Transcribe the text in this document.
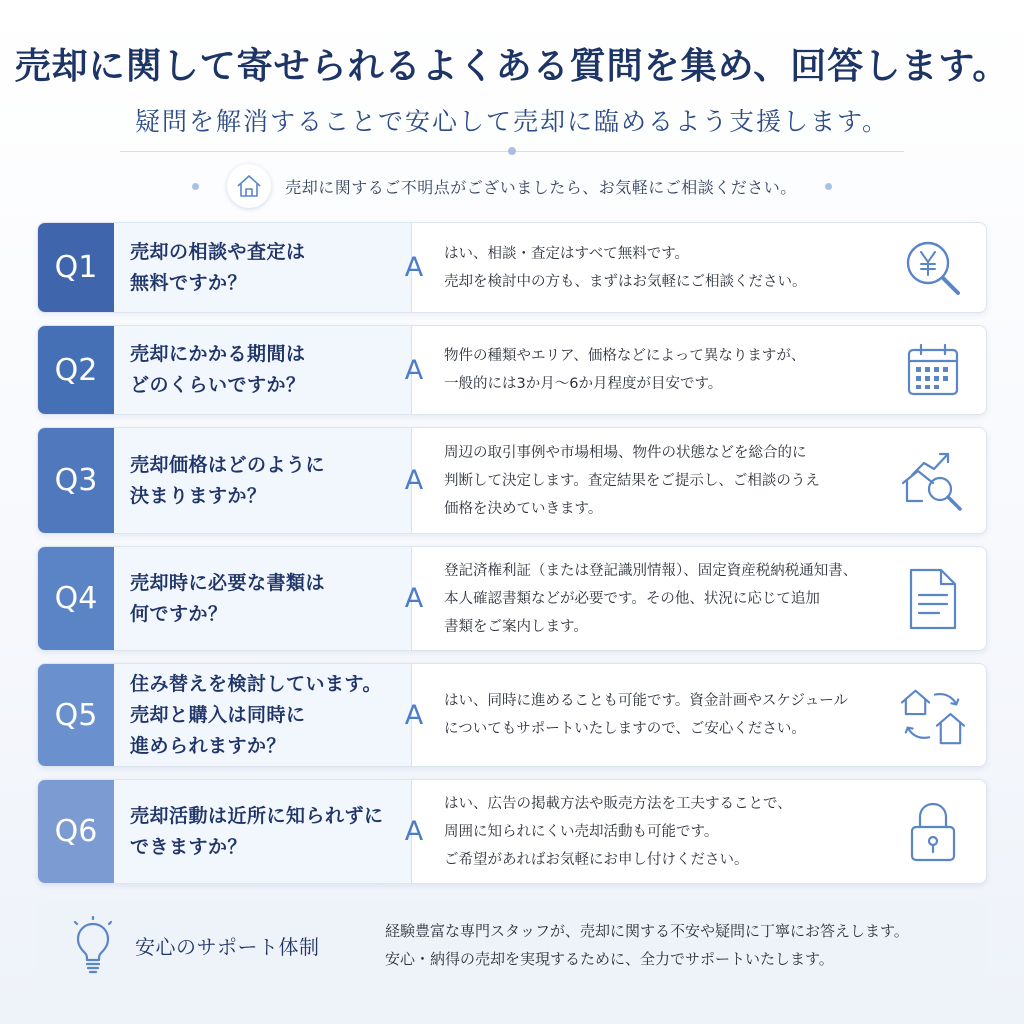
売却に関して寄せられるよくある質問を集め、回答します。
疑問を解消することで安心して売却に臨めるよう支援します。
売却に関するご不明点がございましたら、お気軽にご相談ください。
Q1	売却の相談や査定は
無料ですか？	A はい、相談・査定はすべて無料です。
売却を検討中の方も、まずはお気軽にご相談ください。
Q2	売却にかかる期間は
どのくらいですか？	A 物件の種類やエリア、価格などによって異なりますが、
一般的には3か月〜6か月程度が目安です。
Q3	売却価格はどのように
決まりますか？	A
周辺の取引事例や市場相場、物件の状態などを総合的に
判断して決定します。査定結果をご提示し、ご相談のうえ
価格を決めていきます。
Q4	売却時に必要な書類は
何ですか？	A
登記済権利証（または登記識別情報）、固定資産税納税通知書、
本人確認書類などが必要です。その他、状況に応じて追加
書類をご案内します。
Q5
住み替えを検討しています。
売却と購入は同時に
進められますか？
A はい、同時に進めることも可能です。資金計画やスケジュール
についてもサポートいたしますので、ご安心ください。
Q6	売却活動は近所に知られずに
できますか？	A
はい、広告の掲載方法や販売方法を工夫することで、
周囲に知られにくい売却活動も可能です。
ご希望があればお気軽にお申し付けください。
安心のサポート体制
経験豊富な専門スタッフが、売却に関する不安や疑問に丁寧にお答えします。
安心・納得の売却を実現するために、全力でサポートいたします。
